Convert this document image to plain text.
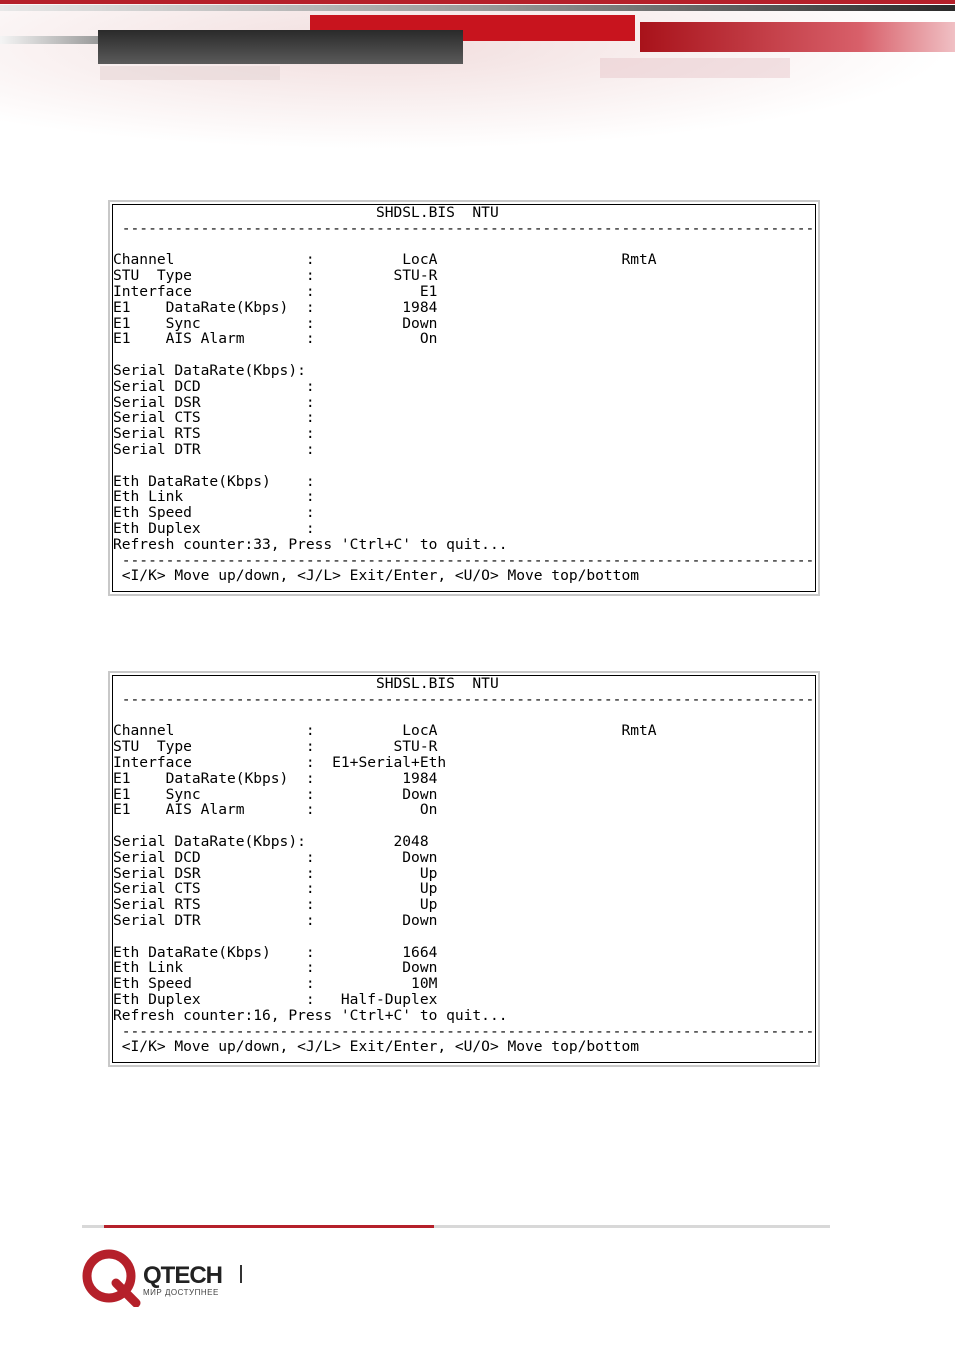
SHDSL.BIS  NTU
-------------------------------------------------------------------------------

Channel               :          LocA                     RmtA
STU  Type             :         STU-R
Interface             :            E1
E1    DataRate(Kbps)  :          1984
E1    Sync            :          Down
E1    AIS Alarm       :            On

Serial DataRate(Kbps):
Serial DCD            :
Serial DSR            :
Serial CTS            :
Serial RTS            :
Serial DTR            :

Eth DataRate(Kbps)    :
Eth Link              :
Eth Speed             :
Eth Duplex            :
Refresh counter:33, Press 'Ctrl+C' to quit...
-------------------------------------------------------------------------------
<I/K> Move up/down, <J/L> Exit/Enter, <U/O> Move top/bottom
SHDSL.BIS  NTU
-------------------------------------------------------------------------------

Channel               :          LocA                     RmtA
STU  Type             :         STU-R
Interface             :  E1+Serial+Eth
E1    DataRate(Kbps)  :          1984
E1    Sync            :          Down
E1    AIS Alarm       :            On

Serial DataRate(Kbps):          2048
Serial DCD            :          Down
Serial DSR            :            Up
Serial CTS            :            Up
Serial RTS            :            Up
Serial DTR            :          Down

Eth DataRate(Kbps)    :          1664
Eth Link              :          Down
Eth Speed             :           10M
Eth Duplex            :   Half-Duplex
Refresh counter:16, Press 'Ctrl+C' to quit...
-------------------------------------------------------------------------------
<I/K> Move up/down, <J/L> Exit/Enter, <U/O> Move top/bottom
QTECH
МИР ДОСТУПНЕЕ
